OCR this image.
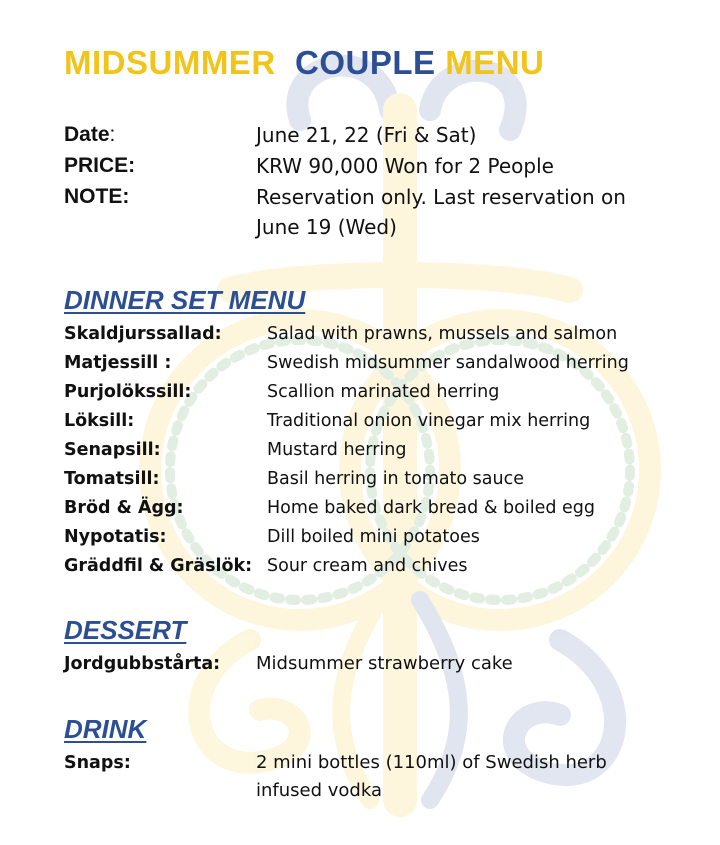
MIDSUMMER COUPLE MENU
Date:	June 21, 22 (Fri & Sat)
PRICE:	KRW 90,000 Won for 2 People
NOTE:	Reservation only. Last reservation on June 19 (Wed)
DINNER SET MENU
Skaldjurssallad:	Salad with prawns, mussels and salmon
Matjessill :	Swedish midsummer sandalwood herring
Purjolökssill:	Scallion marinated herring
Löksill:	Traditional onion vinegar mix herring
Senapsill:	Mustard herring
Tomatsill:	Basil herring in tomato sauce
Bröd & Ägg:	Home baked dark bread & boiled egg
Nypotatis:	Dill boiled mini potatoes
Gräddfil & Gräslök: Sour cream and chives
DESSERT
Jordgubbstårta: Midsummer strawberry cake
DRINK
Snaps:	2 mini bottles (110ml) of Swedish herb infused vodka
